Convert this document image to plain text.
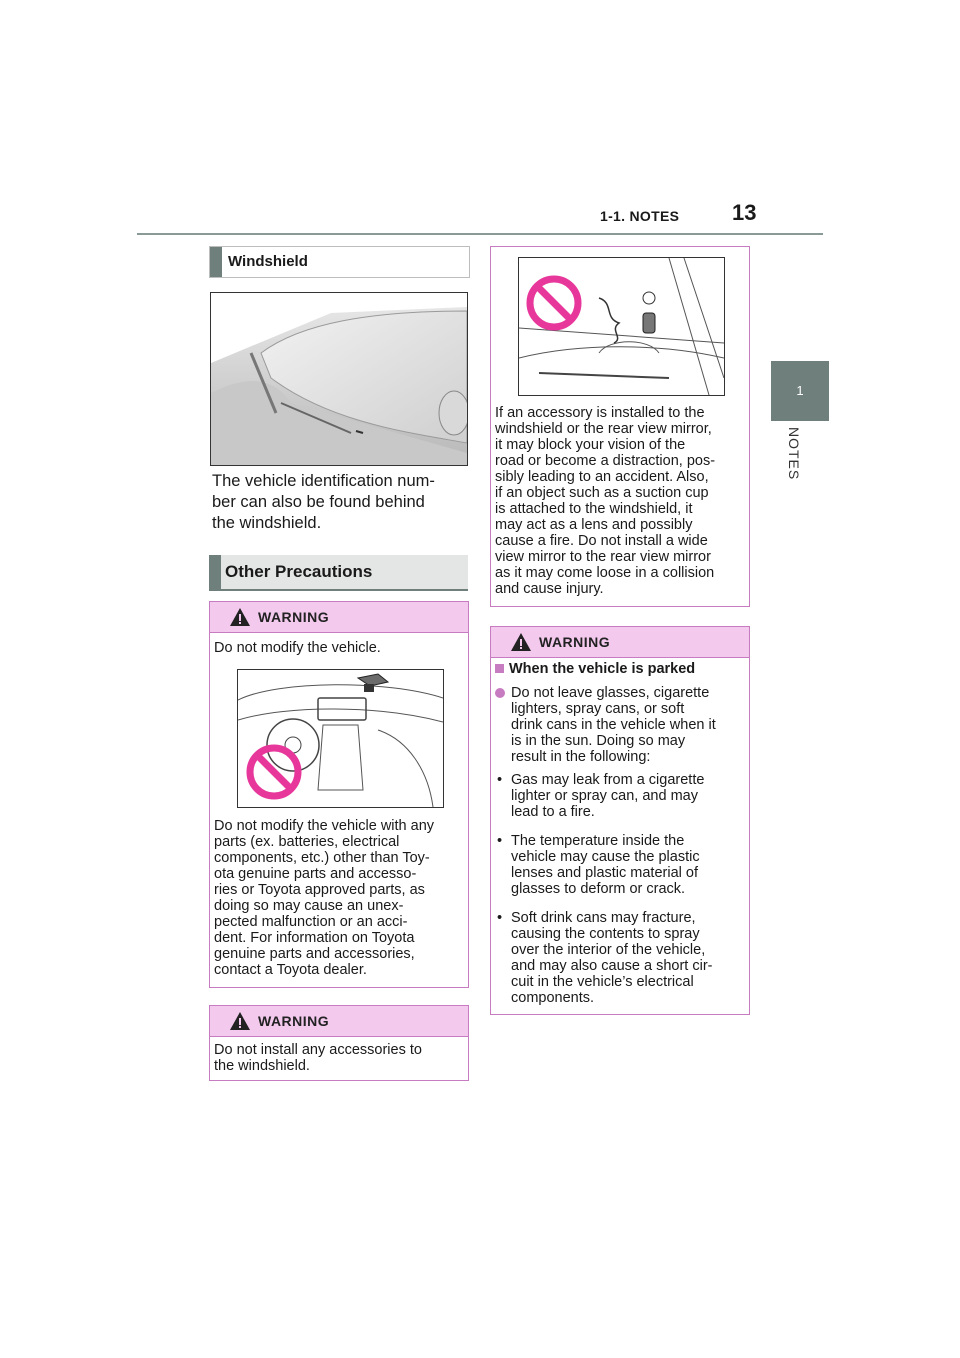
1-1. NOTES 13
1
NOTES
Windshield
The vehicle identification num-
ber can also be found behind
the windshield.
Other Precautions
WARNING
Do not modify the vehicle.
Do not modify the vehicle with any
parts (ex. batteries, electrical
components, etc.) other than Toy-
ota genuine parts and accesso-
ries or Toyota approved parts, as
doing so may cause an unex-
pected malfunction or an acci-
dent. For information on Toyota
genuine parts and accessories,
contact a Toyota dealer.
WARNING
Do not install any accessories to
the windshield.
If an accessory is installed to the
windshield or the rear view mirror,
it may block your vision of the
road or become a distraction, pos-
sibly leading to an accident. Also,
if an object such as a suction cup
is attached to the windshield, it
may act as a lens and possibly
cause a fire. Do not install a wide
view mirror to the rear view mirror
as it may come loose in a collision
and cause injury.
WARNING
When the vehicle is parked
Do not leave glasses, cigarette
lighters, spray cans, or soft
drink cans in the vehicle when it
is in the sun. Doing so may
result in the following:
• Gas may leak from a cigarette
lighter or spray can, and may
lead to a fire.
• The temperature inside the
vehicle may cause the plastic
lenses and plastic material of
glasses to deform or crack.
• Soft drink cans may fracture,
causing the contents to spray
over the interior of the vehicle,
and may also cause a short cir-
cuit in the vehicle’s electrical
components.
